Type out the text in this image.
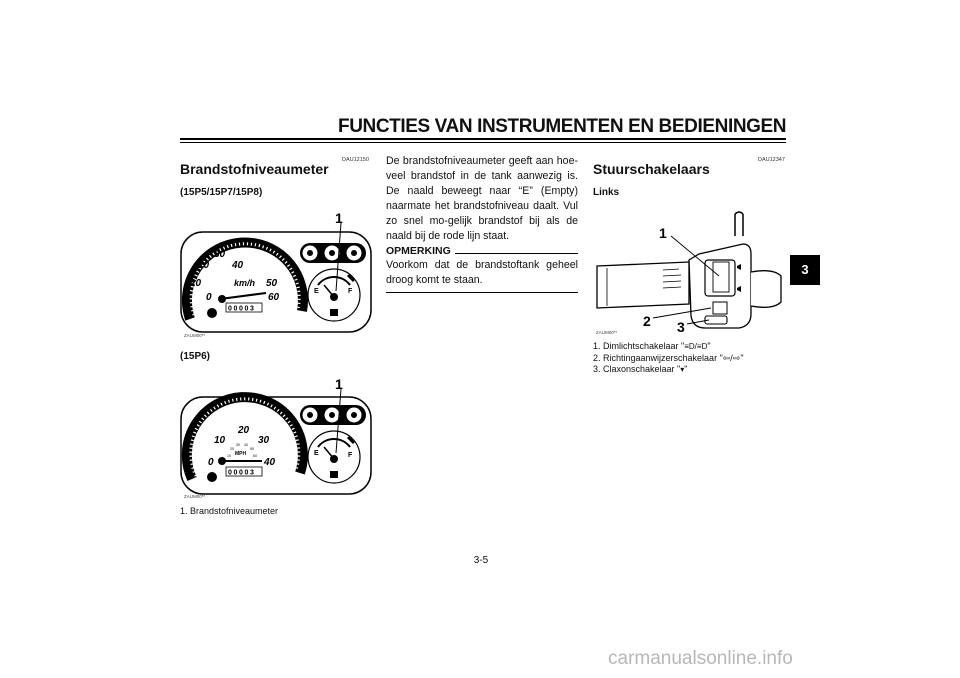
FUNCTIES VAN INSTRUMENTEN EN BEDIENINGEN
DAU12150
Brandstofniveaumeter
(15P5/15P7/15P8)
0
10
20
30
40
50
60
km/h
00003
E	F
1
ZAUM00**
(15P6)
0
10
20
30
40
10
20
30 40
50
60
MPH
00003
E	F
1
ZAUM00**
1. Brandstofniveaumeter
De brandstofniveaumeter geeft aan hoe-veel brandstof in de tank aanwezig is. De naald beweegt naar “E” (Empty) naarmate het brandstofniveau daalt. Vul zo snel mo-gelijk brandstof bij als de naald bij de rode lijn staat.
OPMERKING
Voorkom dat de brandstoftank geheel droog komt te staan.
DAU12347
Stuurschakelaars
Links
1
2 3
ZAUM00**
1. Dimlichtschakelaar "≡D/≡D"
2. Richtingaanwijzerschakelaar "⇦/⇨"
3. Claxonschakelaar "▾"
3
3-5
carmanualsonline.info
